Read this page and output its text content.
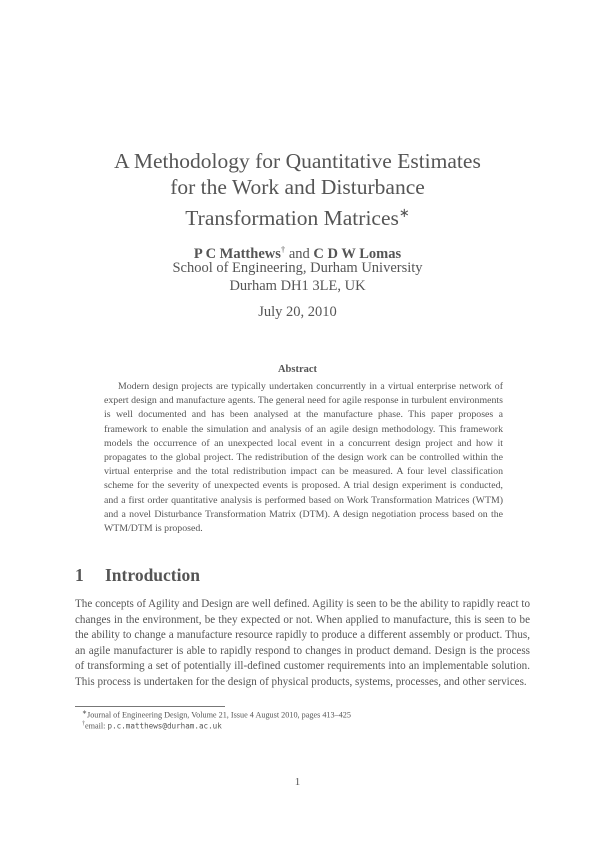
A Methodology for Quantitative Estimates
for the Work and Disturbance
Transformation Matrices∗
P C Matthews† and C D W Lomas
School of Engineering, Durham University
Durham DH1 3LE, UK
July 20, 2010
Abstract
Modern design projects are typically undertaken concurrently in a virtual enterprise network of expert design and manufacture agents. The general need for agile response in turbulent environments is well documented and has been analysed at the manufacture phase. This paper proposes a framework to enable the simulation and analysis of an agile design methodology. This framework models the occurrence of an unexpected local event in a concurrent design project and how it propagates to the global project. The redistribution of the design work can be controlled within the virtual enterprise and the total redistribution impact can be measured. A four level classification scheme for the severity of unexpected events is proposed. A trial design experiment is conducted, and a first order quantitative analysis is performed based on Work Transformation Matrices (WTM) and a novel Disturbance Transformation Matrix (DTM). A design negotiation process based on the WTM/DTM is proposed.
1 Introduction
The concepts of Agility and Design are well defined. Agility is seen to be the ability to rapidly react to changes in the environment, be they expected or not. When applied to manufacture, this is seen to be the ability to change a manufacture resource rapidly to produce a different assembly or product. Thus, an agile manufacturer is able to rapidly respond to changes in product demand. Design is the process of transforming a set of potentially ill-defined customer requirements into an implementable solution. This process is undertaken for the design of physical products, systems, processes, and other services.
∗Journal of Engineering Design, Volume 21, Issue 4 August 2010, pages 413–425
†email: p.c.matthews@durham.ac.uk
1
